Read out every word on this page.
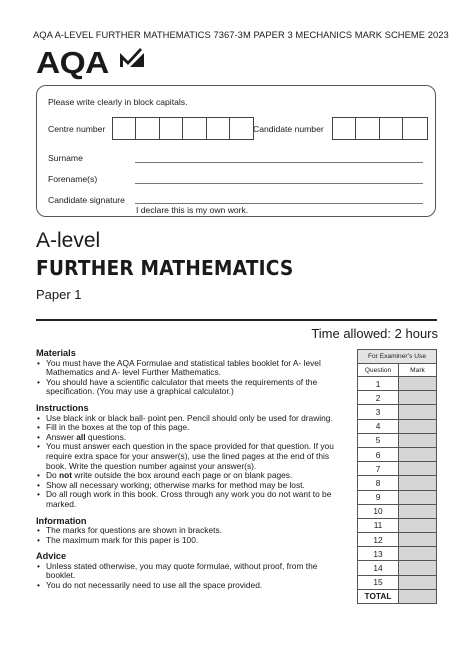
AQA A-LEVEL FURTHER MATHEMATICS 7367-3M PAPER 3 MECHANICS MARK SCHEME 2023
AQA
Please write clearly in block capitals.
Centre number	Candidate number
Surname
Forename(s)
Candidate signature
I declare this is my own work.
A-level
FURTHER MATHEMATICS
Paper 1
Time allowed: 2 hours
Materials
• You must have the AQA Formulae and statistical tables booklet for A- level Mathematics and A- level Further Mathematics.
• You should have a scientific calculator that meets the requirements of the specification. (You may use a graphical calculator.)
Instructions
• Use black ink or black ball- point pen. Pencil should only be used for drawing.
• Fill in the boxes at the top of this page.
• Answer all questions.
• You must answer each question in the space provided for that question. If you require extra space for your answer(s), use the lined pages at the end of this book. Write the question number against your answer(s).
• Do not write outside the box around each page or on blank pages.
• Show all necessary working; otherwise marks for method may be lost.
• Do all rough work in this book. Cross through any work you do not want to be marked.
Information
• The marks for questions are shown in brackets.
• The maximum mark for this paper is 100.
Advice
• Unless stated otherwise, you may quote formulae, without proof, from the booklet.
• You do not necessarily need to use all the space provided.
For Examiner’s Use	
Question	Mark
1	
2	
3	
4	
5	
6	
7	
8	
9	
10	
11	
12	
13	
14	
15	
TOTAL	
